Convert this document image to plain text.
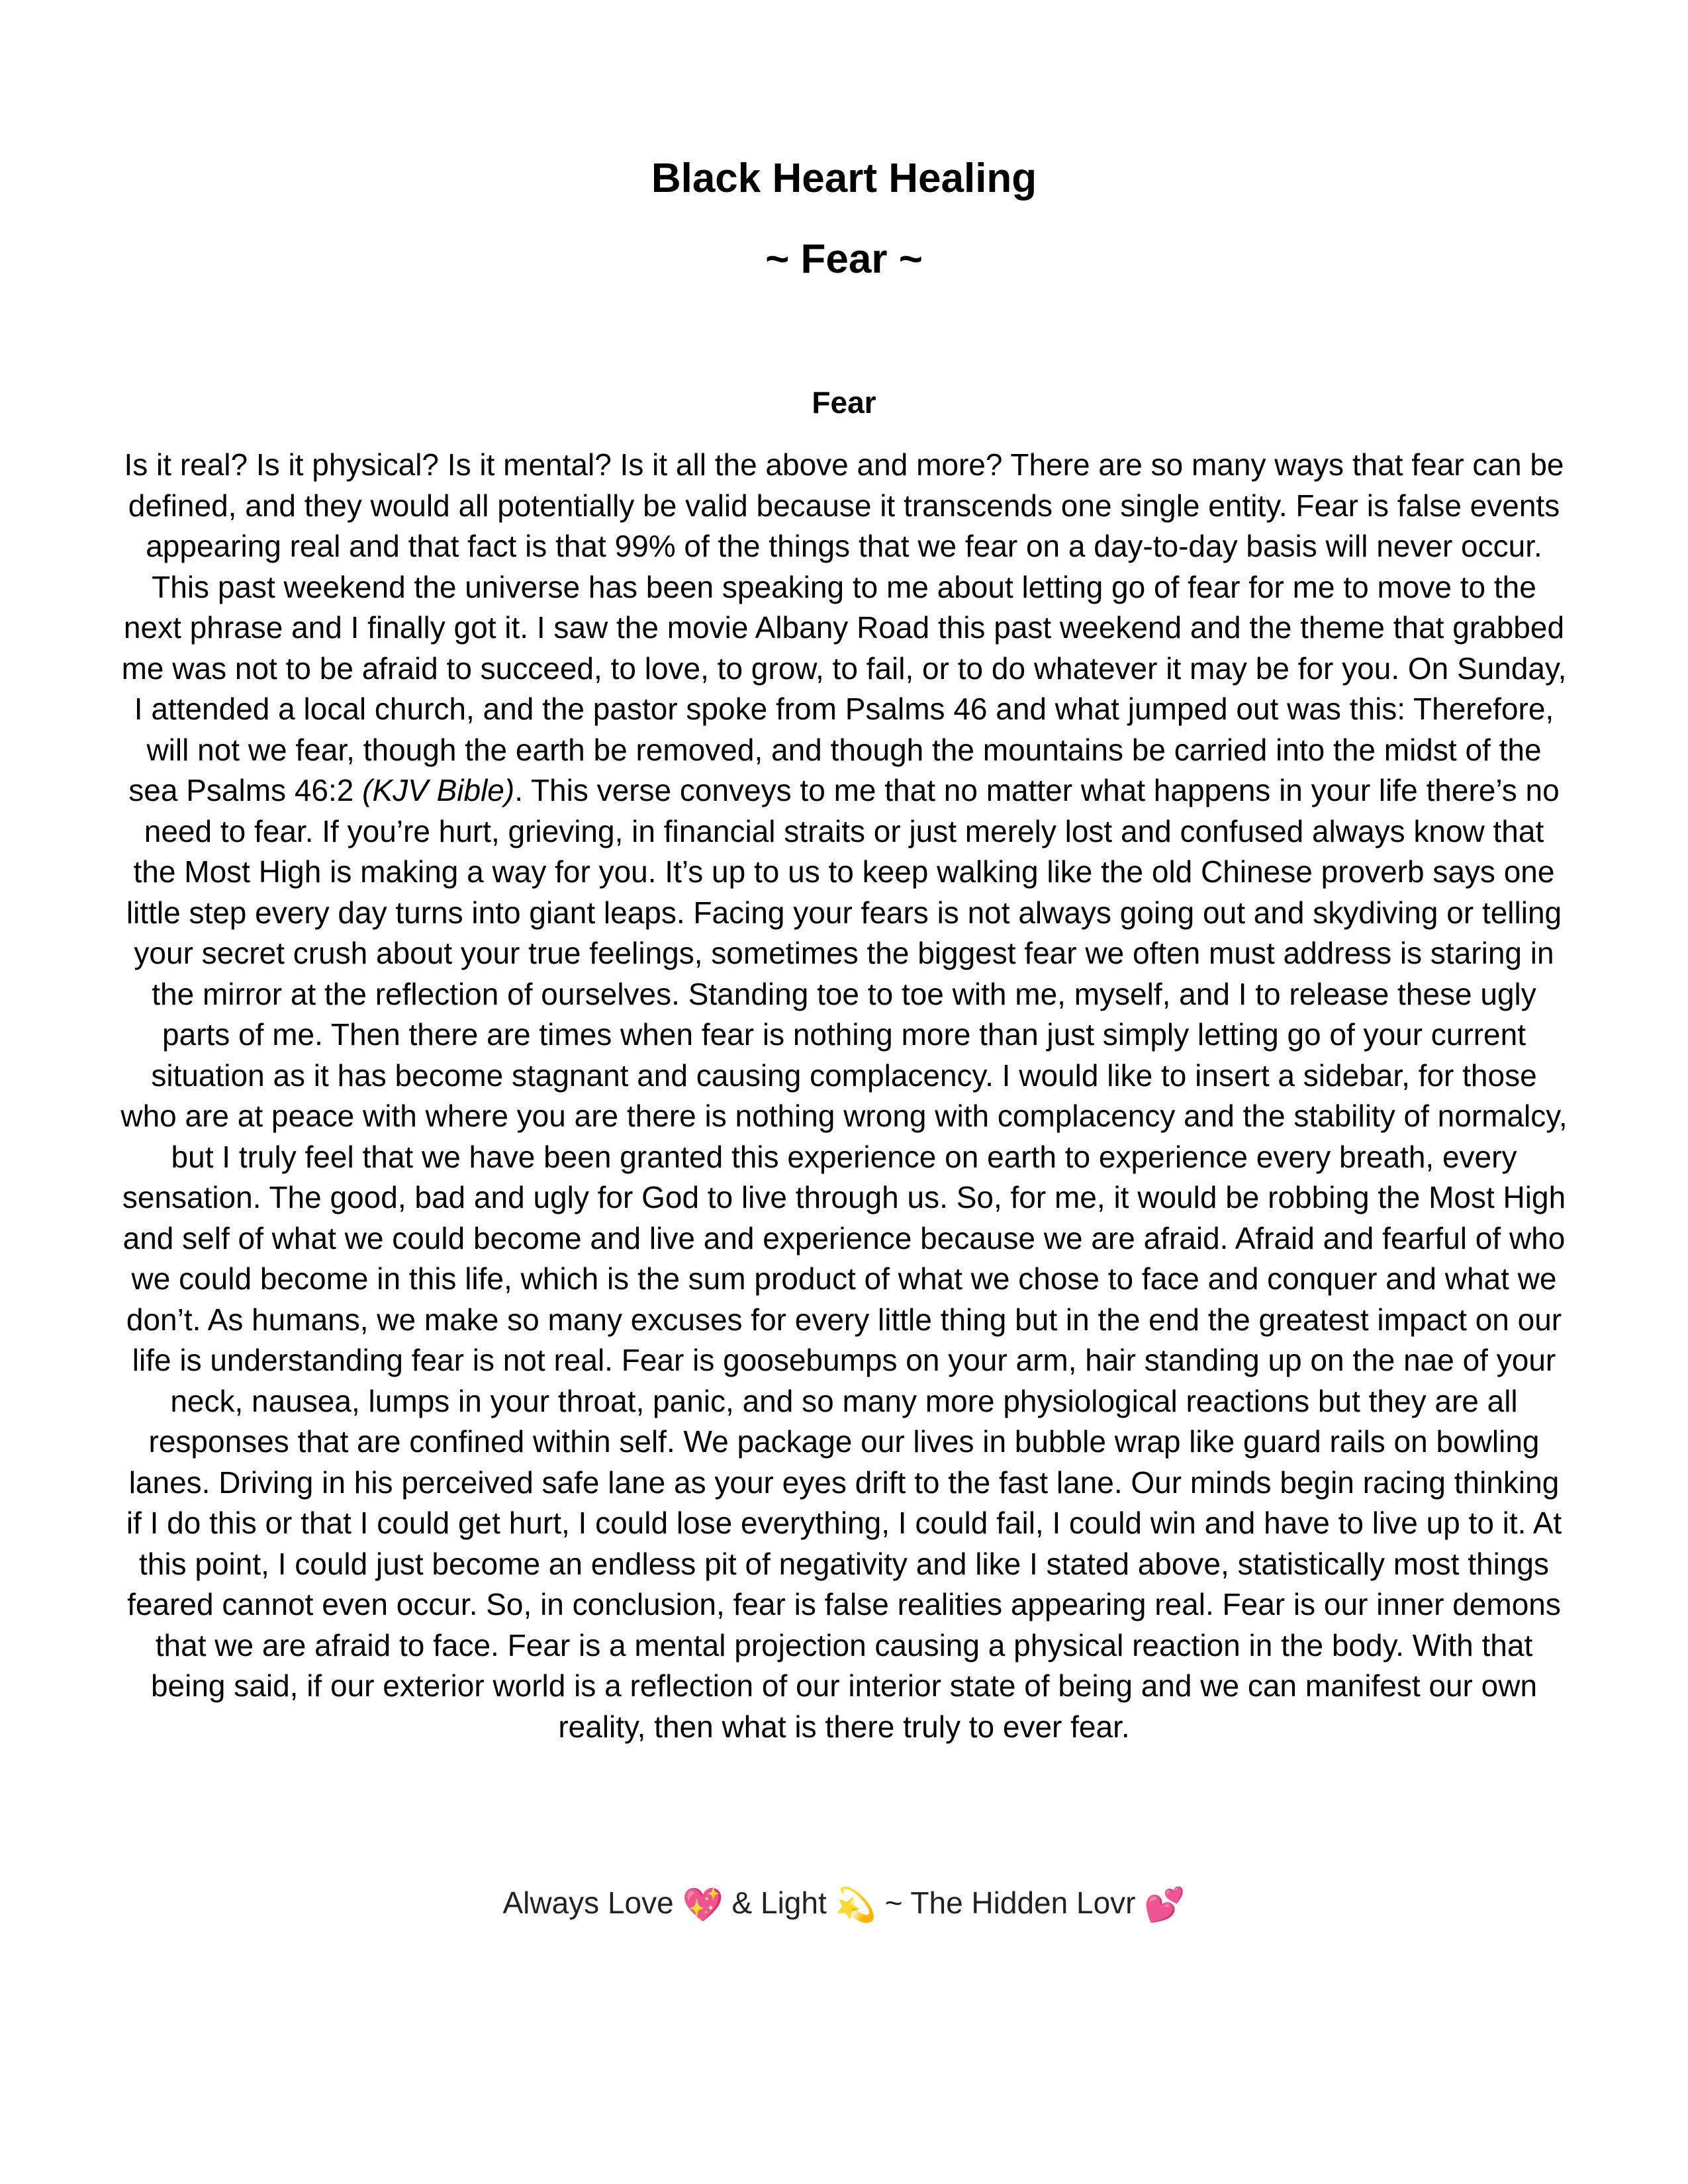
Black Heart Healing
~ Fear ~
Fear

Is it real? Is it physical? Is it mental? Is it all the above and more? There are so many ways that fear can be defined, and they would all potentially be valid because it transcends one single entity. Fear is false events appearing real and that fact is that 99% of the things that we fear on a day-to-day basis will never occur. This past weekend the universe has been speaking to me about letting go of fear for me to move to the next phrase and I finally got it. I saw the movie Albany Road this past weekend and the theme that grabbed me was not to be afraid to succeed, to love, to grow, to fail, or to do whatever it may be for you. On Sunday, I attended a local church, and the pastor spoke from Psalms 46 and what jumped out was this: Therefore, will not we fear, though the earth be removed, and though the mountains be carried into the midst of the sea Psalms 46:2 (KJV Bible). This verse conveys to me that no matter what happens in your life there’s no need to fear. If you’re hurt, grieving, in financial straits or just merely lost and confused always know that the Most High is making a way for you. It’s up to us to keep walking like the old Chinese proverb says one little step every day turns into giant leaps. Facing your fears is not always going out and skydiving or telling your secret crush about your true feelings, sometimes the biggest fear we often must address is staring in the mirror at the reflection of ourselves. Standing toe to toe with me, myself, and I to release these ugly parts of me. Then there are times when fear is nothing more than just simply letting go of your current situation as it has become stagnant and causing complacency. I would like to insert a sidebar, for those who are at peace with where you are there is nothing wrong with complacency and the stability of normalcy, but I truly feel that we have been granted this experience on earth to experience every breath, every sensation. The good, bad and ugly for God to live through us. So, for me, it would be robbing the Most High and self of what we could become and live and experience because we are afraid. Afraid and fearful of who we could become in this life, which is the sum product of what we chose to face and conquer and what we don’t. As humans, we make so many excuses for every little thing but in the end the greatest impact on our life is understanding fear is not real. Fear is goosebumps on your arm, hair standing up on the nae of your neck, nausea, lumps in your throat, panic, and so many more physiological reactions but they are all responses that are confined within self. We package our lives in bubble wrap like guard rails on bowling lanes. Driving in his perceived safe lane as your eyes drift to the fast lane. Our minds begin racing thinking if I do this or that I could get hurt, I could lose everything, I could fail, I could win and have to live up to it. At this point, I could just become an endless pit of negativity and like I stated above, statistically most things feared cannot even occur. So, in conclusion, fear is false realities appearing real. Fear is our inner demons that we are afraid to face. Fear is a mental projection causing a physical reaction in the body. With that being said, if our exterior world is a reflection of our interior state of being and we can manifest our own reality, then what is there truly to ever fear.

Always Love 💖 & Light 💫 ~ The Hidden Lovr 💕
